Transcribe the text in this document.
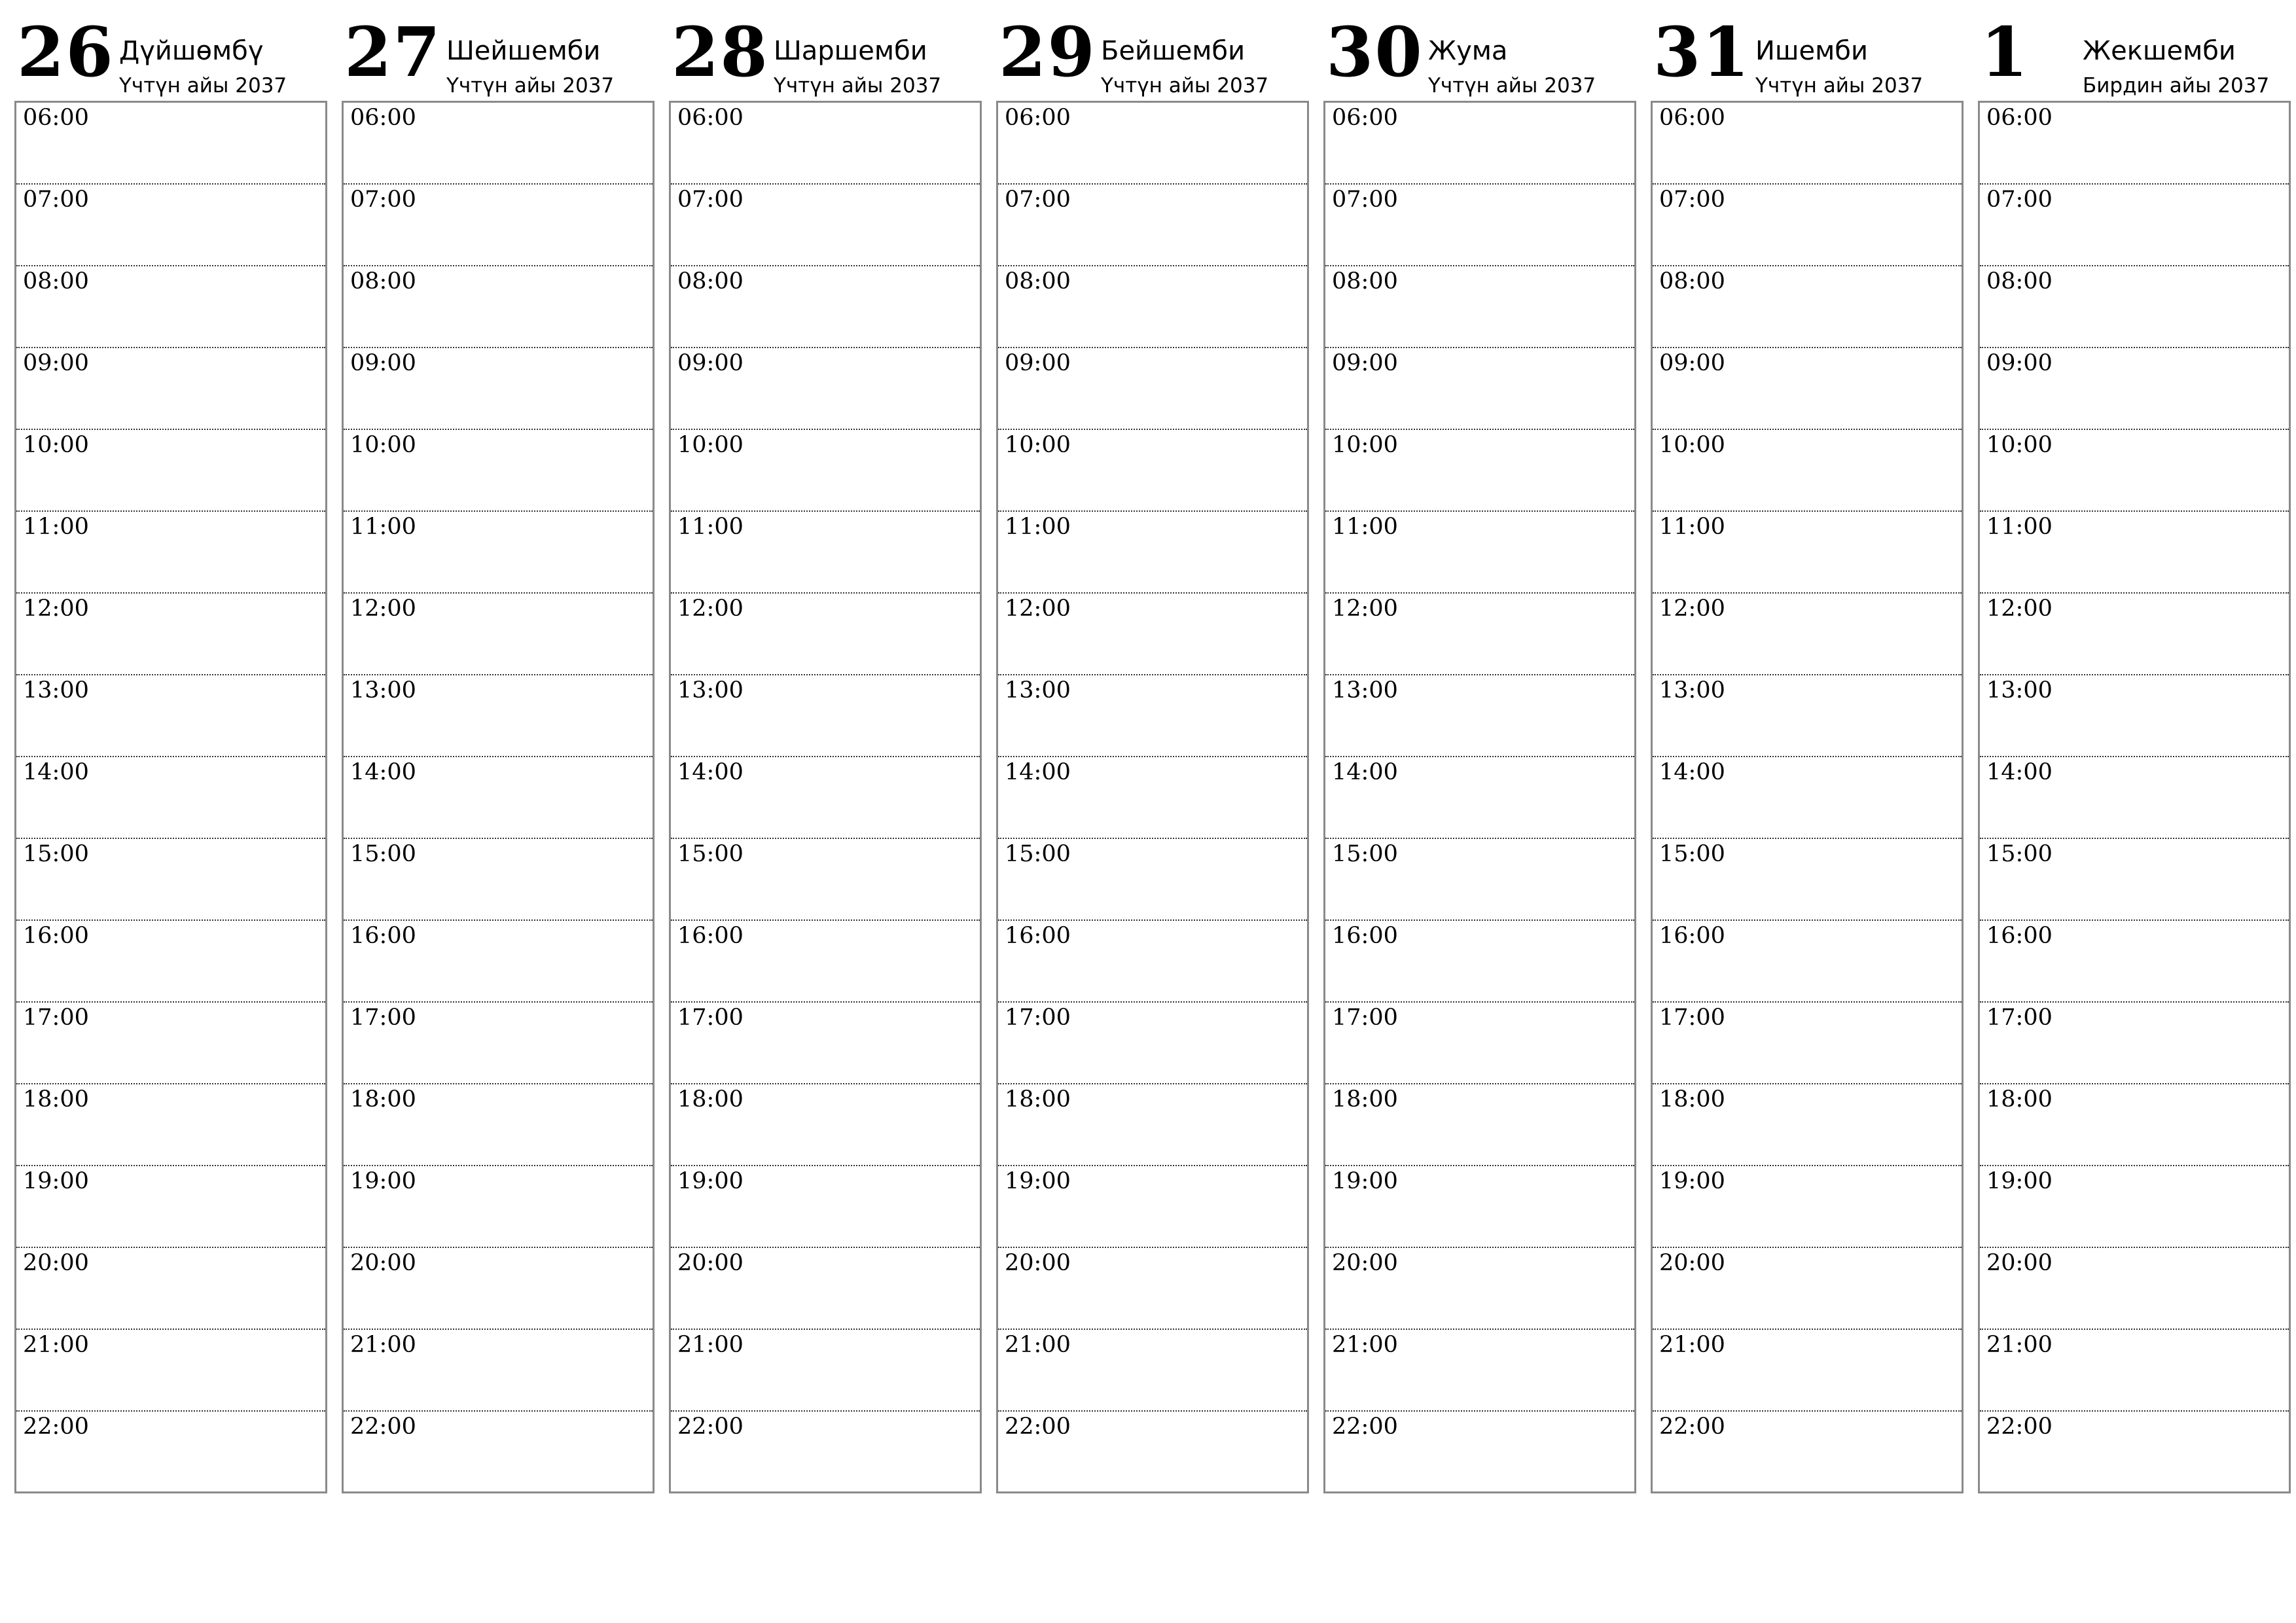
26 Дүйшөмбү
Үчтүн айы 2037
06:00
07:00
08:00
09:00
10:00
11:00
12:00
13:00
14:00
15:00
16:00
17:00
18:00
19:00
20:00
21:00
22:00
27 Шейшемби
Үчтүн айы 2037
06:00
07:00
08:00
09:00
10:00
11:00
12:00
13:00
14:00
15:00
16:00
17:00
18:00
19:00
20:00
21:00
22:00
28 Шаршемби
Үчтүн айы 2037
06:00
07:00
08:00
09:00
10:00
11:00
12:00
13:00
14:00
15:00
16:00
17:00
18:00
19:00
20:00
21:00
22:00
29 Бейшемби
Үчтүн айы 2037
06:00
07:00
08:00
09:00
10:00
11:00
12:00
13:00
14:00
15:00
16:00
17:00
18:00
19:00
20:00
21:00
22:00
30 Жума
Үчтүн айы 2037
06:00
07:00
08:00
09:00
10:00
11:00
12:00
13:00
14:00
15:00
16:00
17:00
18:00
19:00
20:00
21:00
22:00
31 Ишемби
Үчтүн айы 2037
06:00
07:00
08:00
09:00
10:00
11:00
12:00
13:00
14:00
15:00
16:00
17:00
18:00
19:00
20:00
21:00
22:00
1 Жекшемби
Бирдин айы 2037
06:00
07:00
08:00
09:00
10:00
11:00
12:00
13:00
14:00
15:00
16:00
17:00
18:00
19:00
20:00
21:00
22:00
